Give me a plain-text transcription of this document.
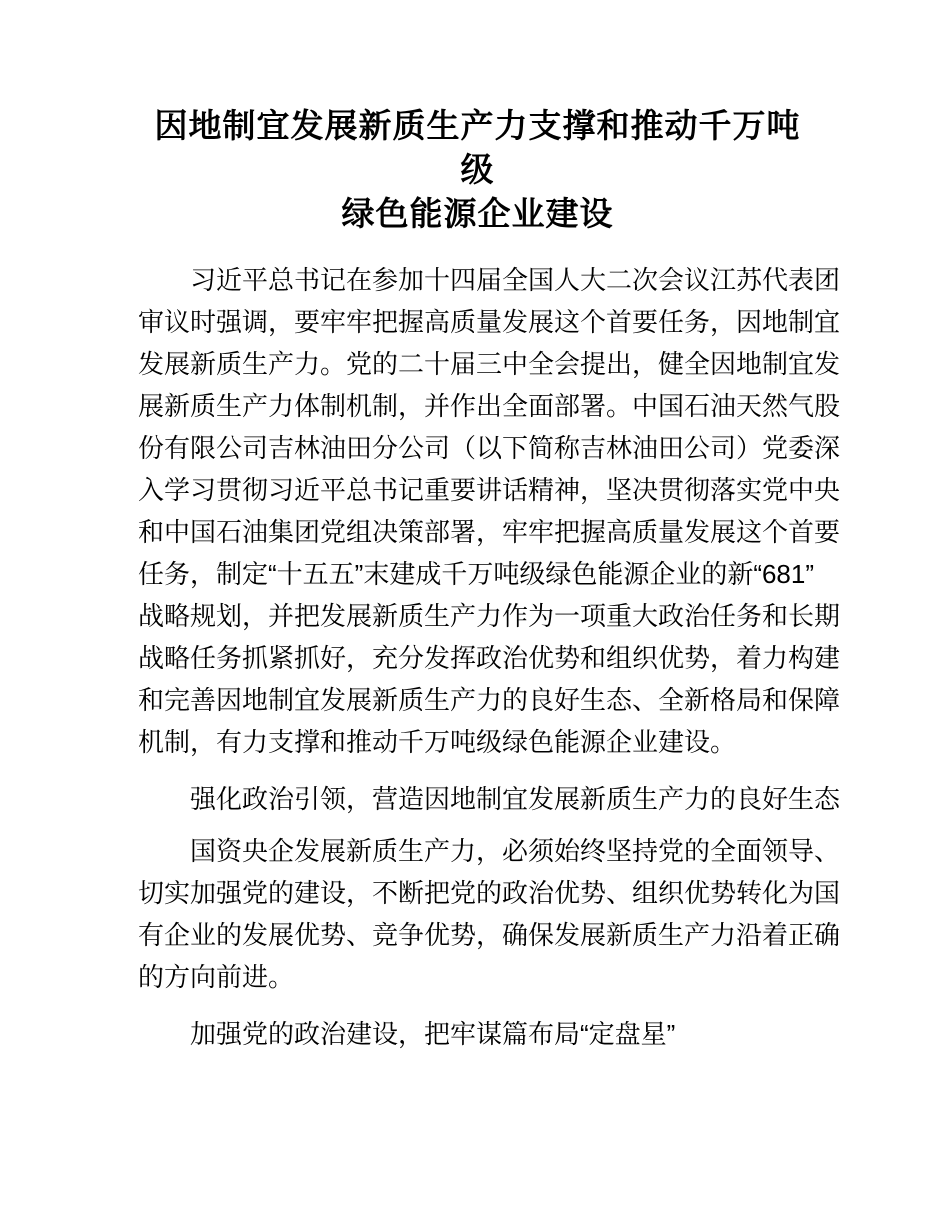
因地制宜发展新质生产力支撑和推动千万吨级
绿色能源企业建设
习近平总书记在参加十四届全国人大二次会议江苏代表团
审议时强调，要牢牢把握高质量发展这个首要任务，因地制宜
发展新质生产力。党的二十届三中全会提出，健全因地制宜发
展新质生产力体制机制，并作出全面部署。中国石油天然气股
份有限公司吉林油田分公司（以下简称吉林油田公司）党委深
入学习贯彻习近平总书记重要讲话精神，坚决贯彻落实党中央
和中国石油集团党组决策部署，牢牢把握高质量发展这个首要
任务，制定“十五五”末建成千万吨级绿色能源企业的新“681”
战略规划，并把发展新质生产力作为一项重大政治任务和长期
战略任务抓紧抓好，充分发挥政治优势和组织优势，着力构建
和完善因地制宜发展新质生产力的良好生态、全新格局和保障
机制，有力支撑和推动千万吨级绿色能源企业建设。
强化政治引领，营造因地制宜发展新质生产力的良好生态
国资央企发展新质生产力，必须始终坚持党的全面领导、
切实加强党的建设，不断把党的政治优势、组织优势转化为国
有企业的发展优势、竞争优势，确保发展新质生产力沿着正确
的方向前进。
加强党的政治建设，把牢谋篇布局“定盘星”
